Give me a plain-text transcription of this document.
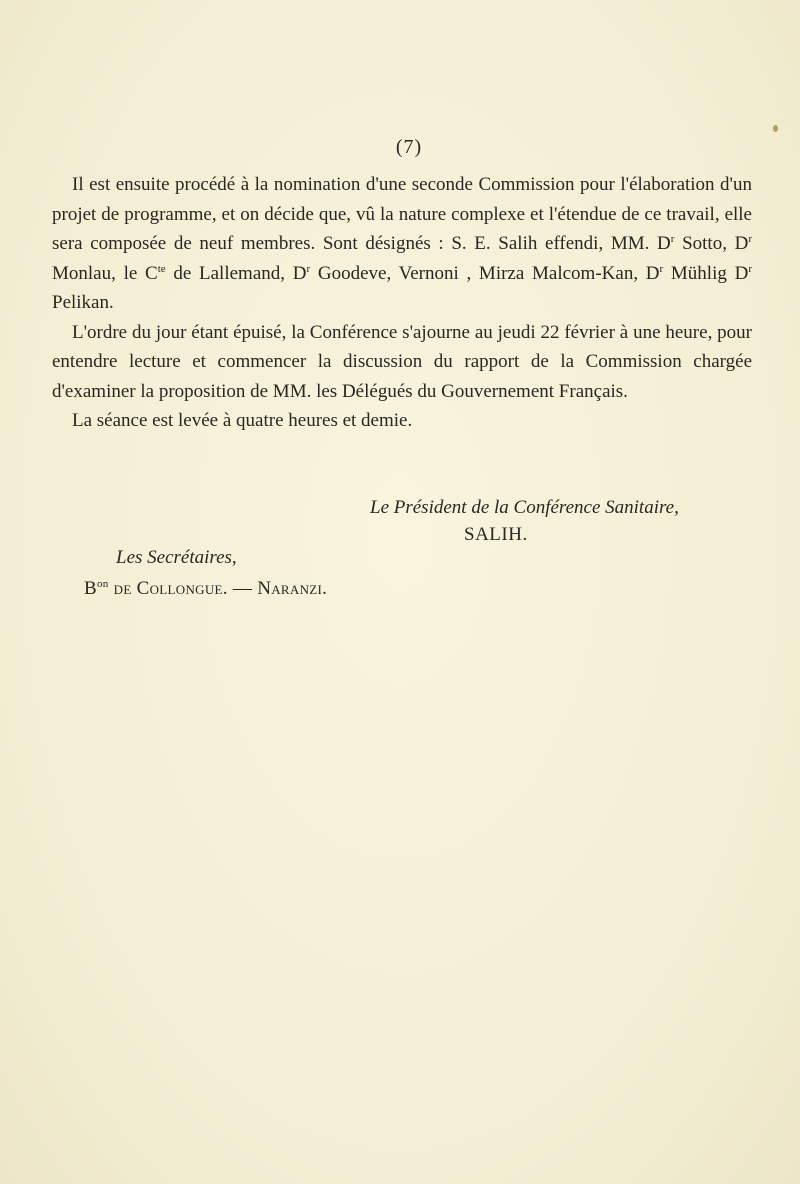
(7)

Il est ensuite procédé à la nomination d'une seconde Commission pour l'élaboration d'un projet de programme, et on décide que, vû la nature complexe et l'étendue de ce travail, elle sera composée de neuf membres. Sont désignés : S. E. Salih effendi, MM. $D^r$ Sotto, $D^r$ Monlau, le $C^{te}$ de Lallemand, $D^r$ Goodeve, Vernoni , Mirza Malcom-Kan, $D^r$ Mühlig $D^r$ Pelikan.

L'ordre du jour étant épuisé, la Conférence s'ajourne au jeudi 22 février à une heure, pour entendre lecture et commencer la discussion du rapport de la Commission chargée d'examiner la proposition de MM. les Délégués du Gouvernement Français.

La séance est levée à quatre heures et demie.

Le Président de la Conférence Sanitaire,
SALIH.
Les Secrétaires,
$B^{on}$ de Collongue. — Naranzi.
